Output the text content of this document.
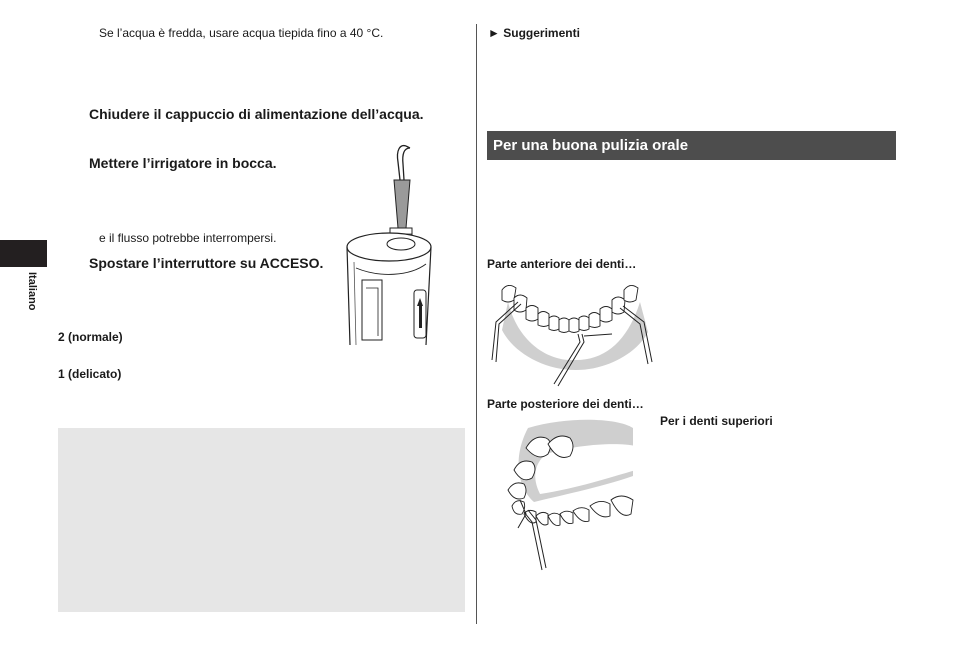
Italiano
Se l’acqua è fredda, usare acqua tiepida fino a 40 °C.
Chiudere il cappuccio di alimentazione dell’acqua.
Mettere l’irrigatore in bocca.
e il flusso potrebbe interrompersi.
Spostare l’interruttore su ACCESO.
2 (normale)
1 (delicato)
► Suggerimenti
Per una buona pulizia orale
Parte anteriore dei denti…
Parte posteriore dei denti…
Per i denti superiori
